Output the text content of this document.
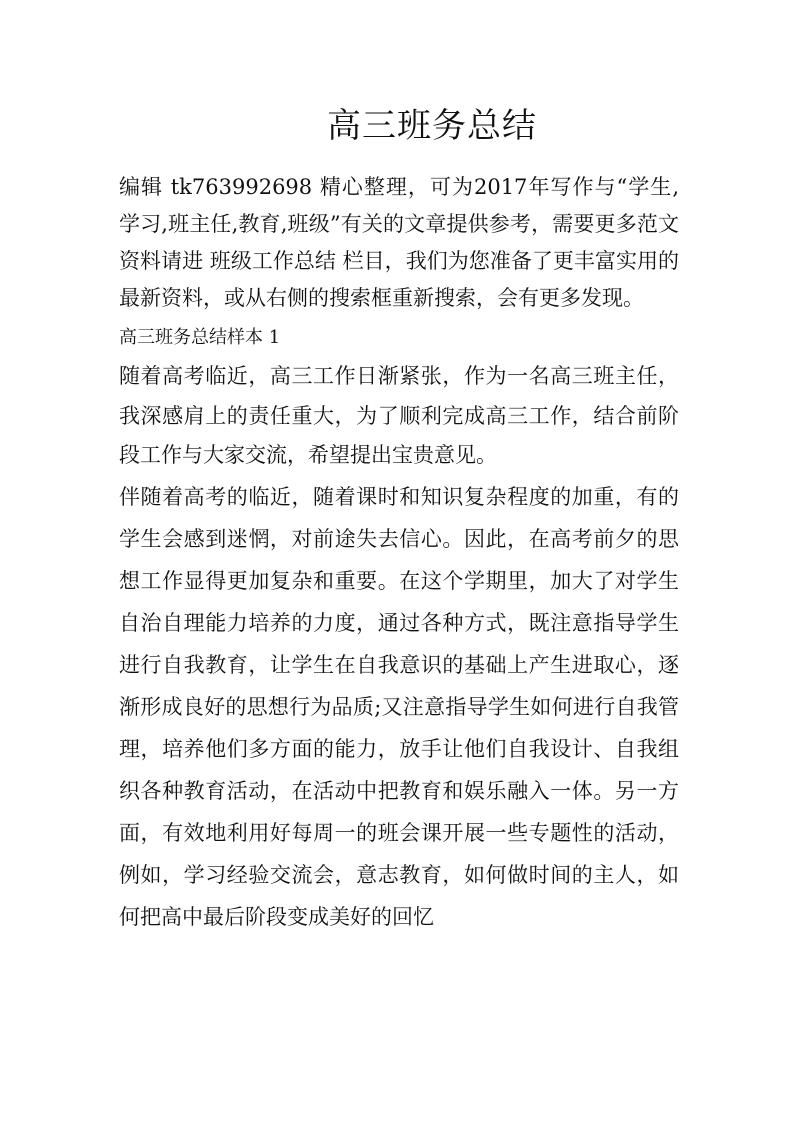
高三班务总结

编辑 tk763992698 精心整理，可为2017年写作与“学生,学习,班主任,教育,班级”有关的文章提供参考，需要更多范文资料请进 班级工作总结 栏目，我们为您准备了更丰富实用的最新资料，或从右侧的搜索框重新搜索，会有更多发现。

高三班务总结样本 1

随着高考临近，高三工作日渐紧张，作为一名高三班主任，我深感肩上的责任重大，为了顺利完成高三工作，结合前阶段工作与大家交流，希望提出宝贵意见。

伴随着高考的临近，随着课时和知识复杂程度的加重，有的学生会感到迷惘，对前途失去信心。因此，在高考前夕的思想工作显得更加复杂和重要。在这个学期里，加大了对学生自治自理能力培养的力度，通过各种方式，既注意指导学生进行自我教育，让学生在自我意识的基础上产生进取心，逐渐形成良好的思想行为品质;又注意指导学生如何进行自我管理，培养他们多方面的能力，放手让他们自我设计、自我组织各种教育活动，在活动中把教育和娱乐融入一体。另一方面，有效地利用好每周一的班会课开展一些专题性的活动，例如，学习经验交流会，意志教育，如何做时间的主人，如何把高中最后阶段变成美好的回忆
